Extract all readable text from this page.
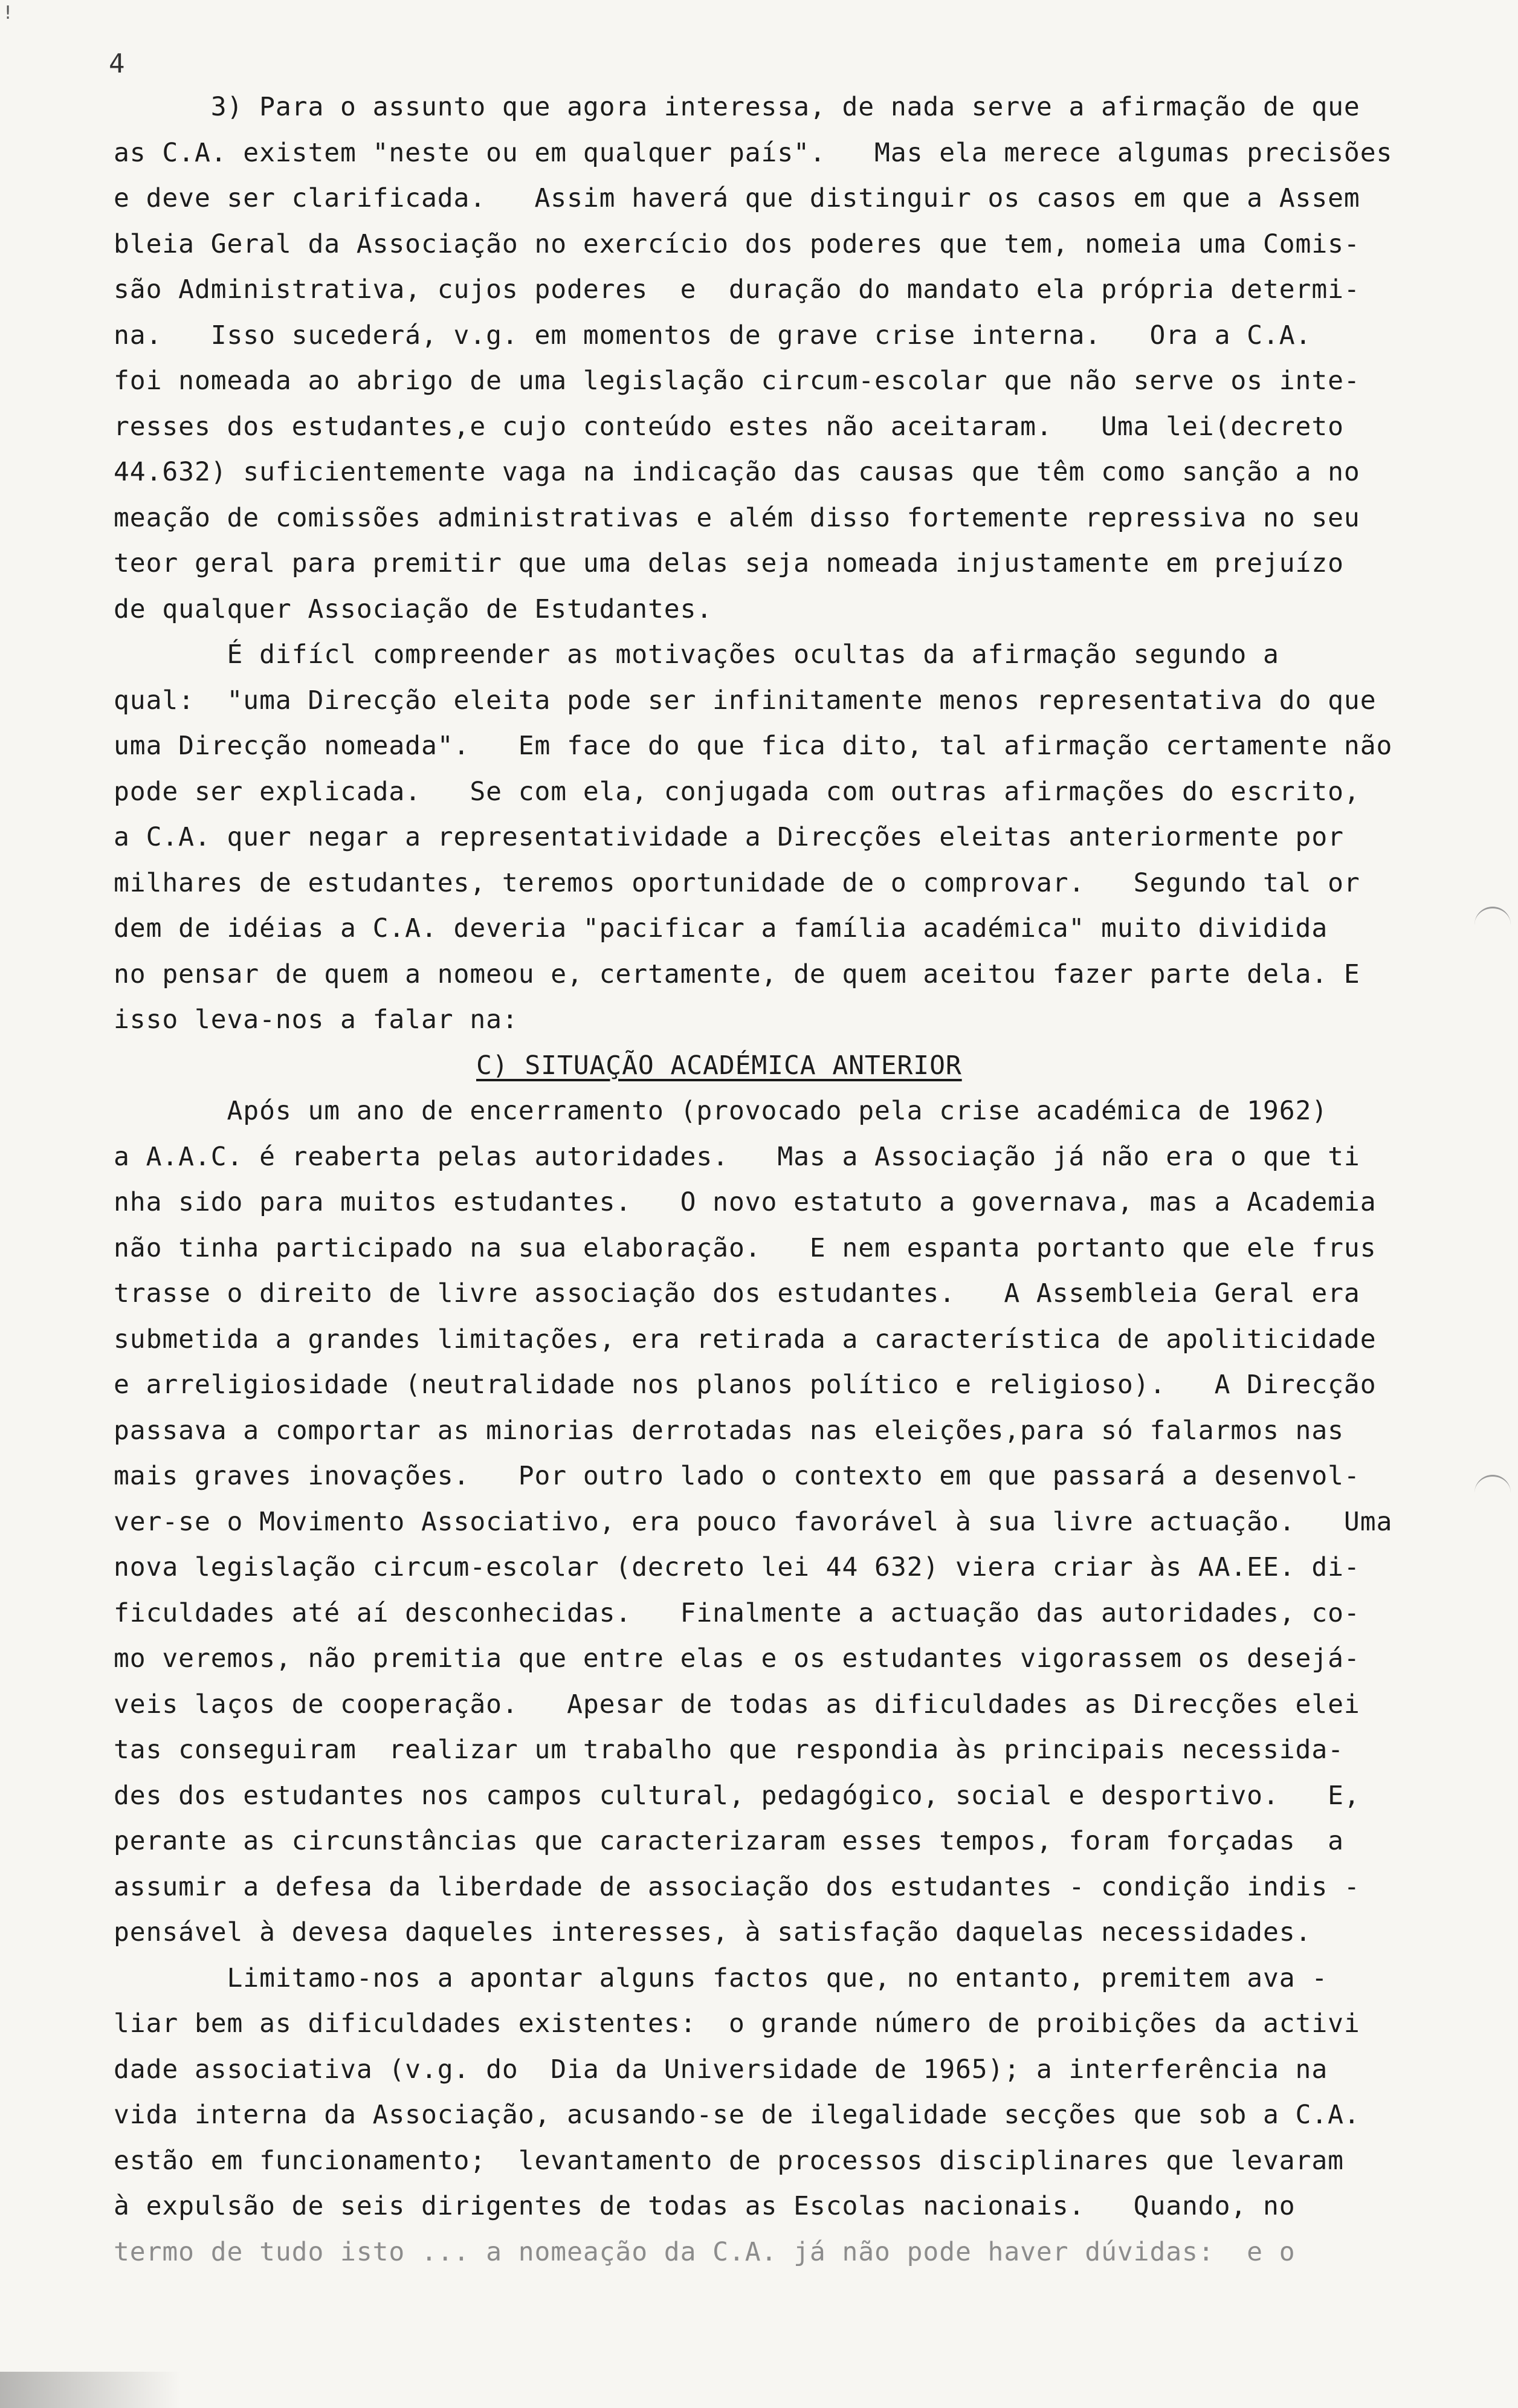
!
4
3) Para o assunto que agora interessa, de nada serve a afirmação de que
as C.A. existem "neste ou em qualquer país".   Mas ela merece algumas precisões
e deve ser clarificada.   Assim haverá que distinguir os casos em que a Assem
bleia Geral da Associação no exercício dos poderes que tem, nomeia uma Comis-
são Administrativa, cujos poderes  e  duração do mandato ela própria determi-
na.   Isso sucederá, v.g. em momentos de grave crise interna.   Ora a C.A.
foi nomeada ao abrigo de uma legislação circum-escolar que não serve os inte-
resses dos estudantes,e cujo conteúdo estes não aceitaram.   Uma lei(decreto
44.632) suficientemente vaga na indicação das causas que têm como sanção a no
meação de comissões administrativas e além disso fortemente repressiva no seu
teor geral para premitir que uma delas seja nomeada injustamente em prejuízo
de qualquer Associação de Estudantes.
É difícl compreender as motivações ocultas da afirmação segundo a
qual:  "uma Direcção eleita pode ser infinitamente menos representativa do que
uma Direcção nomeada".   Em face do que fica dito, tal afirmação certamente não
pode ser explicada.   Se com ela, conjugada com outras afirmações do escrito,
a C.A. quer negar a representatividade a Direcções eleitas anteriormente por
milhares de estudantes, teremos oportunidade de o comprovar.   Segundo tal or
dem de idéias a C.A. deveria "pacificar a família académica" muito dividida
no pensar de quem a nomeou e, certamente, de quem aceitou fazer parte dela. E
isso leva-nos a falar na:
C) SITUAÇÃO ACADÉMICA ANTERIOR
Após um ano de encerramento (provocado pela crise académica de 1962)
a A.A.C. é reaberta pelas autoridades.   Mas a Associação já não era o que ti
nha sido para muitos estudantes.   O novo estatuto a governava, mas a Academia
não tinha participado na sua elaboração.   E nem espanta portanto que ele frus
trasse o direito de livre associação dos estudantes.   A Assembleia Geral era
submetida a grandes limitações, era retirada a característica de apoliticidade
e arreligiosidade (neutralidade nos planos político e religioso).   A Direcção
passava a comportar as minorias derrotadas nas eleições,para só falarmos nas
mais graves inovações.   Por outro lado o contexto em que passará a desenvol-
ver-se o Movimento Associativo, era pouco favorável à sua livre actuação.   Uma
nova legislação circum-escolar (decreto lei 44 632) viera criar às AA.EE. di-
ficuldades até aí desconhecidas.   Finalmente a actuação das autoridades, co-
mo veremos, não premitia que entre elas e os estudantes vigorassem os desejá-
veis laços de cooperação.   Apesar de todas as dificuldades as Direcções elei
tas conseguiram  realizar um trabalho que respondia às principais necessida-
des dos estudantes nos campos cultural, pedagógico, social e desportivo.   E,
perante as circunstâncias que caracterizaram esses tempos, foram forçadas  a
assumir a defesa da liberdade de associação dos estudantes - condição indis -
pensável à devesa daqueles interesses, à satisfação daquelas necessidades.
Limitamo-nos a apontar alguns factos que, no entanto, premitem ava -
liar bem as dificuldades existentes:  o grande número de proibições da activi
dade associativa (v.g. do  Dia da Universidade de 1965); a interferência na
vida interna da Associação, acusando-se de ilegalidade secções que sob a C.A.
estão em funcionamento;  levantamento de processos disciplinares que levaram
à expulsão de seis dirigentes de todas as Escolas nacionais.   Quando, no
termo de tudo isto ... a nomeação da C.A. já não pode haver dúvidas:  e o
